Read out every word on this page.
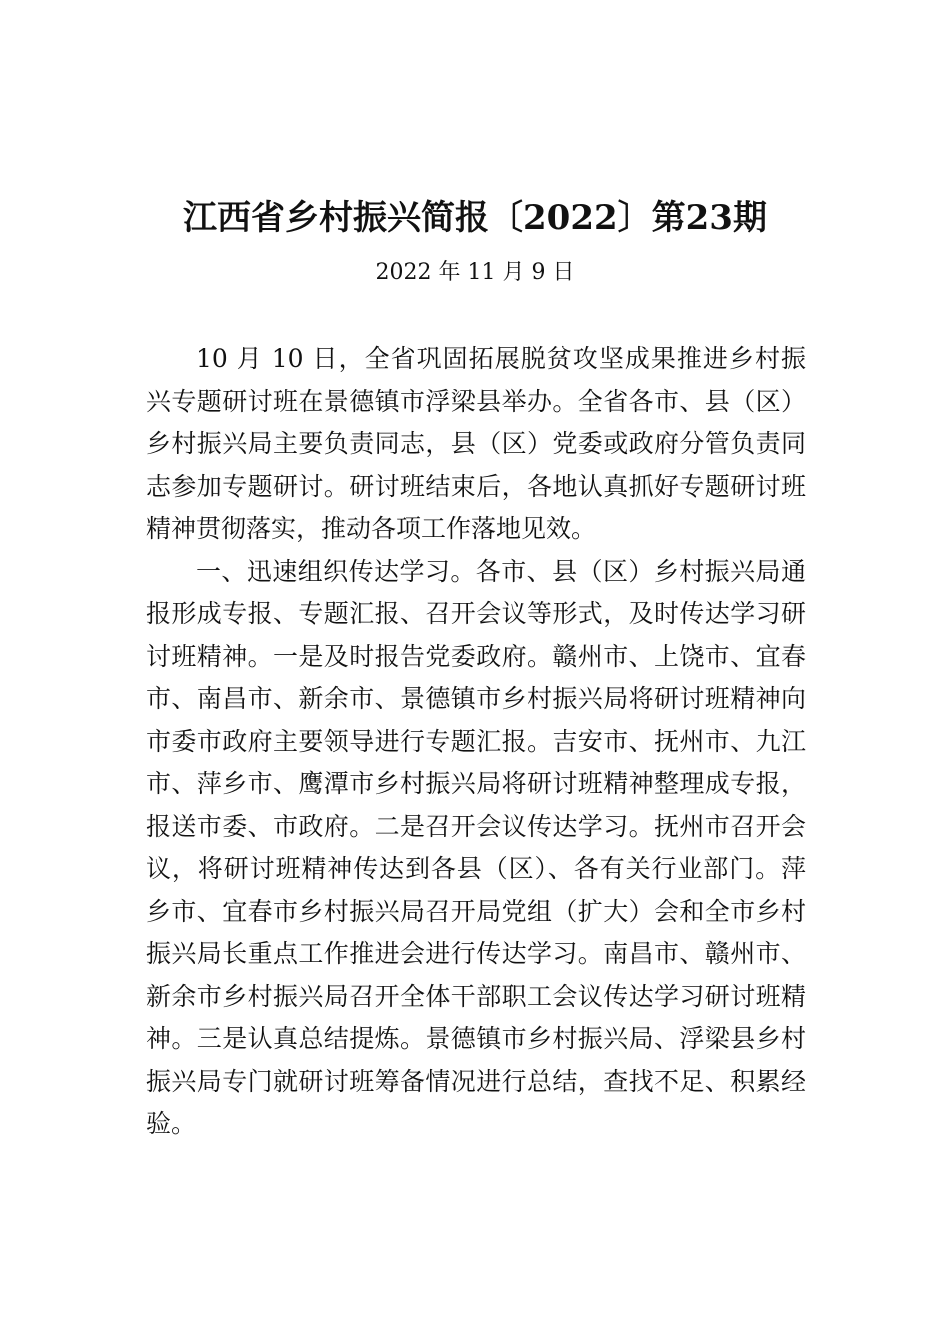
江西省乡村振兴简报〔2022〕第23期
2022 年 11 月 9 日

10 月 10 日，全省巩固拓展脱贫攻坚成果推进乡村振兴专题研讨班在景德镇市浮梁县举办。全省各市、县（区）乡村振兴局主要负责同志，县（区）党委或政府分管负责同志参加专题研讨。研讨班结束后，各地认真抓好专题研讨班精神贯彻落实，推动各项工作落地见效。

一、迅速组织传达学习。各市、县（区）乡村振兴局通报形成专报、专题汇报、召开会议等形式，及时传达学习研讨班精神。一是及时报告党委政府。赣州市、上饶市、宜春市、南昌市、新余市、景德镇市乡村振兴局将研讨班精神向市委市政府主要领导进行专题汇报。吉安市、抚州市、九江市、萍乡市、鹰潭市乡村振兴局将研讨班精神整理成专报， 报送市委、市政府。二是召开会议传达学习。抚州市召开会议，将研讨班精神传达到各县（区）、各有关行业部门。萍乡市、宜春市乡村振兴局召开局党组（扩大）会和全市乡村振兴局长重点工作推进会进行传达学习。南昌市、赣州市、新余市乡村振兴局召开全体干部职工会议传达学习研讨班精神。三是认真总结提炼。景德镇市乡村振兴局、浮梁县乡村振兴局专门就研讨班筹备情况进行总结，查找不足、积累经验。
